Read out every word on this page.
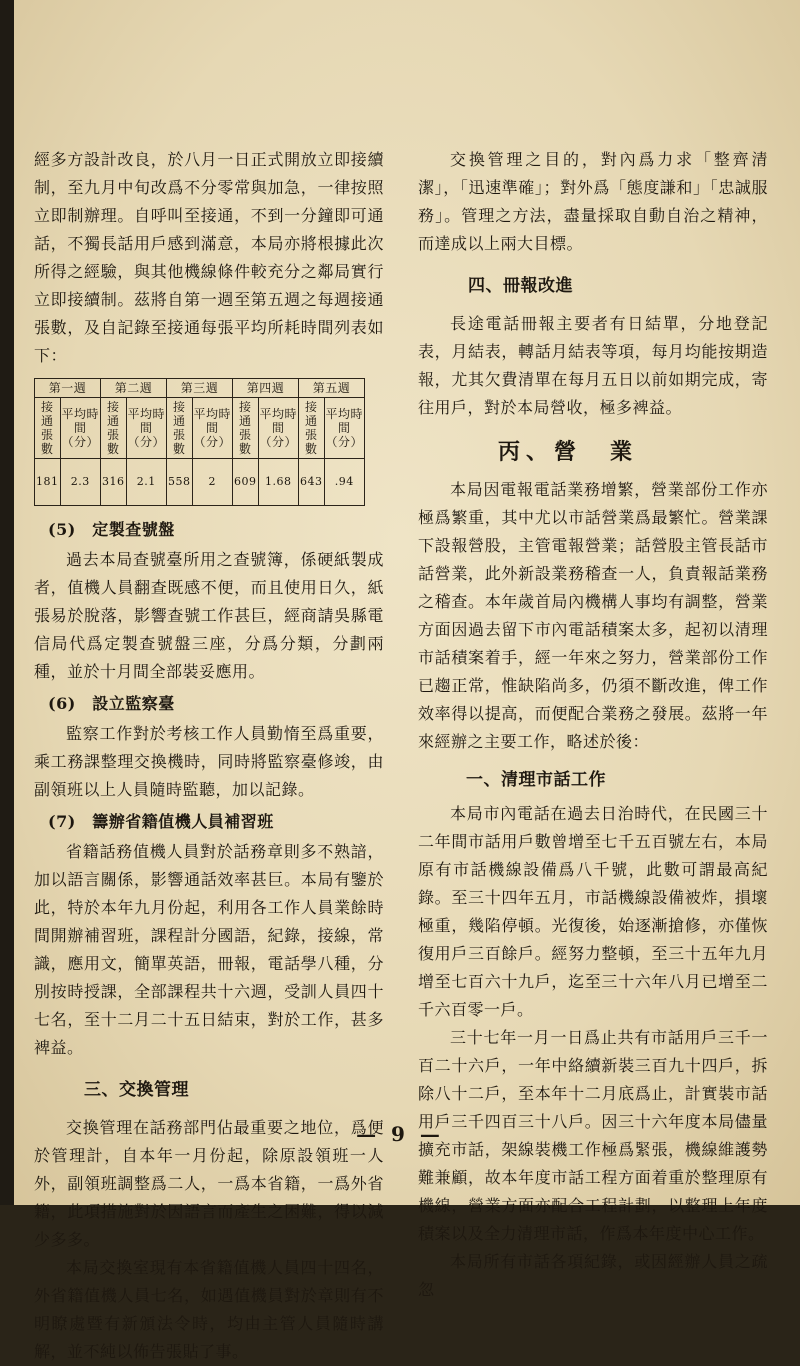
經多方設計改良，於八月一日正式開放立即接續制，至九月中旬改爲不分零常與加急，一律按照立即制辦理。自呼叫至接通，不到一分鐘即可通話，不獨長話用戶感到滿意，本局亦將根據此次所得之經驗，與其他機線條件較充分之鄰局實行立即接續制。茲將自第一週至第五週之每週接通張數，及自記錄至接通每張平均所耗時間列表如下：

第一週		第二週		第三週		第四週		第五週	
接通張數	平均時間（分）	接通張數	平均時間（分）	接通張數	平均時間（分）	接通張數	平均時間（分）	接通張數	平均時間（分）
181	2.3	316	2.1	558	2	609	1.68	643	.94
(5)　定製查號盤

過去本局查號臺所用之查號簿，係硬紙製成者，值機人員翻查既感不便，而且使用日久，紙張易於脫落，影響查號工作甚巨，經商請吳縣電信局代爲定製查號盤三座，分爲分類，分劃兩種，並於十月間全部裝妥應用。

(6)　設立監察臺

監察工作對於考核工作人員勤惰至爲重要，乘工務課整理交換機時，同時將監察臺修竣，由副領班以上人員隨時監聽，加以記錄。

(7)　籌辦省籍值機人員補習班

省籍話務值機人員對於話務章則多不熟諳，加以語言關係，影響通話效率甚巨。本局有鑒於此，特於本年九月份起，利用各工作人員業餘時間開辦補習班，課程計分國語，紀錄，接線，常識，應用文，簡單英語，冊報，電話學八種，分別按時授課，全部課程共十六週，受訓人員四十七名，至十二月二十五日結束，對於工作，甚多裨益。

三、交換管理

交換管理在話務部門佔最重要之地位，爲便於管理計，自本年一月份起，除原設領班一人外，副領班調整爲二人，一爲本省籍，一爲外省籍，此項措施對於因語言而產生之困難，得以減少多多。

本局交換室現有本省籍值機人員四十四名，外省籍值機人員七名，如遇值機員對於章則有不明瞭處暨有新頒法令時，均由主管人員隨時講解，並不純以佈告張貼了事。

交換管理之目的，對內爲力求「整齊清潔」，「迅速準確」；對外爲「態度謙和」「忠誠服務」。管理之方法，盡量採取自動自治之精神，而達成以上兩大目標。

四、冊報改進

長途電話冊報主要者有日結單，分地登記表，月結表，轉話月結表等項，每月均能按期造報，尤其欠費清單在每月五日以前如期完成，寄往用戶，對於本局營收，極多裨益。

丙、營　業

本局因電報電話業務增繁，營業部份工作亦極爲繁重，其中尤以市話營業爲最繁忙。營業課下設報營股，主管電報營業；話營股主管長話市話營業，此外新設業務稽查一人，負責報話業務之稽查。本年歲首局內機構人事均有調整，營業方面因過去留下市內電話積案太多，起初以清理市話積案着手，經一年來之努力，營業部份工作已趨正常，惟缺陷尚多，仍須不斷改進，俾工作效率得以提高，而便配合業務之發展。茲將一年來經辦之主要工作，略述於後：

一、清理市話工作

本局市內電話在過去日治時代，在民國三十二年間市話用戶數曾增至七千五百號左右，本局原有市話機線設備爲八千號，此數可謂最高紀錄。至三十四年五月，市話機線設備被炸，損壞極重，幾陷停頓。光復後，始逐漸搶修，亦僅恢復用戶三百餘戶。經努力整頓，至三十五年九月增至七百六十九戶，迄至三十六年八月已增至二千六百零一戶。

三十七年一月一日爲止共有市話用戶三千一百二十六戶，一年中絡續新裝三百九十四戶，拆除八十二戶，至本年十二月底爲止，計實裝市話用戶三千四百三十八戶。因三十六年度本局儘量擴充市話，架線裝機工作極爲緊張，機線維護勢難兼顧，故本年度市話工程方面着重於整理原有機線，營業方面亦配合工程計劃，以整理上年度積案以及全力清理市話，作爲本年度中心工作。

本局所有市話各項紀錄，或因經辦人員之疏忽

— 9 —
